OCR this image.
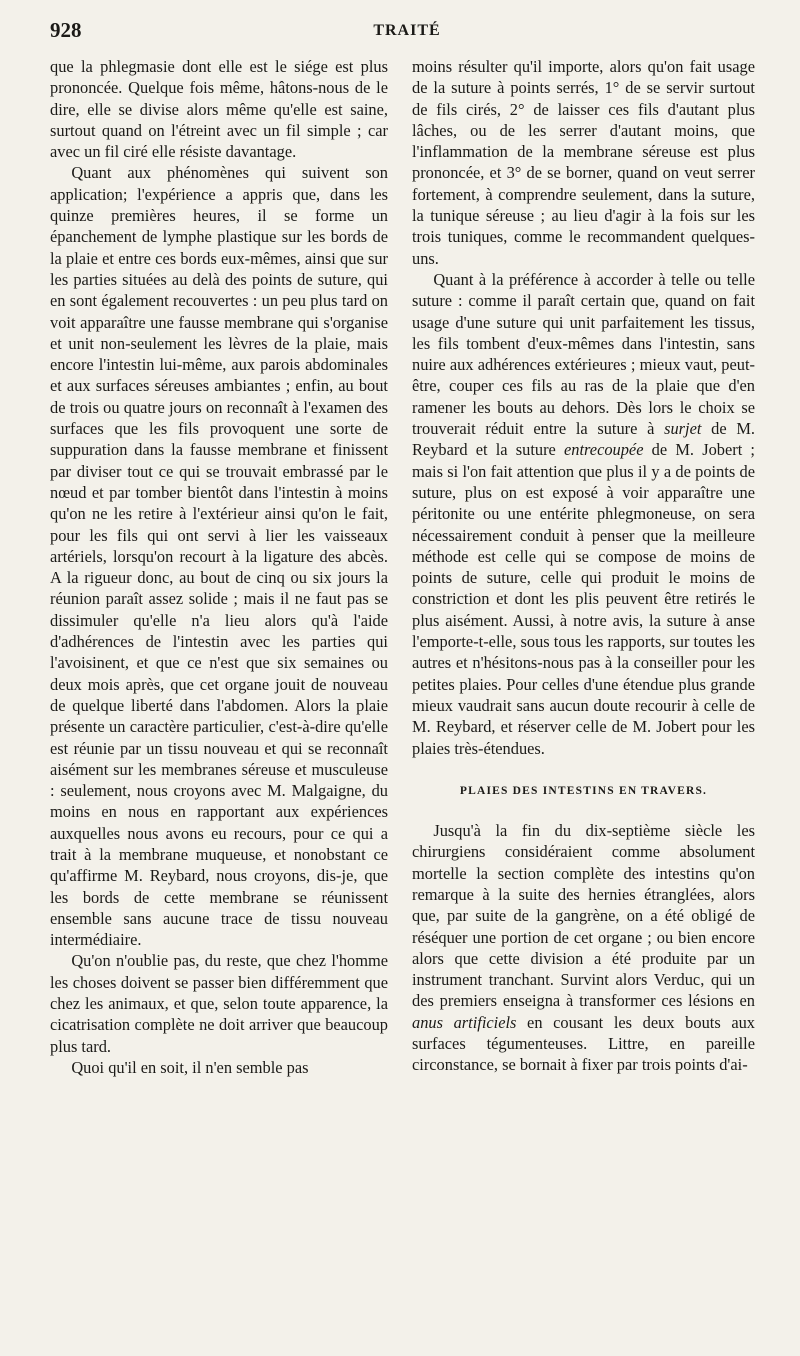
928	TRAITÉ

que la phlegmasie dont elle est le siége est plus prononcée. Quelque fois même, hâtons-nous de le dire, elle se divise alors même qu'elle est saine, surtout quand on l'étreint avec un fil simple ; car avec un fil ciré elle résiste davantage.

Quant aux phénomènes qui suivent son application; l'expérience a appris que, dans les quinze premières heures, il se forme un épanchement de lymphe plastique sur les bords de la plaie et entre ces bords eux-mêmes, ainsi que sur les parties situées au delà des points de suture, qui en sont également recouvertes : un peu plus tard on voit apparaître une fausse membrane qui s'organise et unit non-seulement les lèvres de la plaie, mais encore l'intestin lui-même, aux parois abdominales et aux surfaces séreuses ambiantes ; enfin, au bout de trois ou quatre jours on reconnaît à l'examen des surfaces que les fils provoquent une sorte de suppuration dans la fausse membrane et finissent par diviser tout ce qui se trouvait embrassé par le nœud et par tomber bientôt dans l'intestin à moins qu'on ne les retire à l'extérieur ainsi qu'on le fait, pour les fils qui ont servi à lier les vaisseaux artériels, lorsqu'on recourt à la ligature des abcès. A la rigueur donc, au bout de cinq ou six jours la réunion paraît assez solide ; mais il ne faut pas se dissimuler qu'elle n'a lieu alors qu'à l'aide d'adhérences de l'intestin avec les parties qui l'avoisinent, et que ce n'est que six semaines ou deux mois après, que cet organe jouit de nouveau de quelque liberté dans l'abdomen. Alors la plaie présente un caractère particulier, c'est-à-dire qu'elle est réunie par un tissu nouveau et qui se reconnaît aisément sur les membranes séreuse et musculeuse : seulement, nous croyons avec M. Malgaigne, du moins en nous en rapportant aux expériences auxquelles nous avons eu recours, pour ce qui a trait à la membrane muqueuse, et nonobstant ce qu'affirme M. Reybard, nous croyons, dis-je, que les bords de cette membrane se réunissent ensemble sans aucune trace de tissu nouveau intermédiaire.

Qu'on n'oublie pas, du reste, que chez l'homme les choses doivent se passer bien différemment que chez les animaux, et que, selon toute apparence, la cicatrisation complète ne doit arriver que beaucoup plus tard.

Quoi qu'il en soit, il n'en semble pas

moins résulter qu'il importe, alors qu'on fait usage de la suture à points serrés, 1° de se servir surtout de fils cirés, 2° de laisser ces fils d'autant plus lâches, ou de les serrer d'autant moins, que l'inflammation de la membrane séreuse est plus prononcée, et 3° de se borner, quand on veut serrer fortement, à comprendre seulement, dans la suture, la tunique séreuse ; au lieu d'agir à la fois sur les trois tuniques, comme le recommandent quelques-uns.

Quant à la préférence à accorder à telle ou telle suture : comme il paraît certain que, quand on fait usage d'une suture qui unit parfaitement les tissus, les fils tombent d'eux-mêmes dans l'intestin, sans nuire aux adhérences extérieures ; mieux vaut, peut-être, couper ces fils au ras de la plaie que d'en ramener les bouts au dehors. Dès lors le choix se trouverait réduit entre la suture à surjet de M. Reybard et la suture entrecoupée de M. Jobert ; mais si l'on fait attention que plus il y a de points de suture, plus on est exposé à voir apparaître une péritonite ou une entérite phlegmoneuse, on sera nécessairement conduit à penser que la meilleure méthode est celle qui se compose de moins de points de suture, celle qui produit le moins de constriction et dont les plis peuvent être retirés le plus aisément. Aussi, à notre avis, la suture à anse l'emporte-t-elle, sous tous les rapports, sur toutes les autres et n'hésitons-nous pas à la conseiller pour les petites plaies. Pour celles d'une étendue plus grande mieux vaudrait sans aucun doute recourir à celle de M. Reybard, et réserver celle de M. Jobert pour les plaies très-étendues.

PLAIES DES INTESTINS EN TRAVERS.

Jusqu'à la fin du dix-septième siècle les chirurgiens considéraient comme absolument mortelle la section complète des intestins qu'on remarque à la suite des hernies étranglées, alors que, par suite de la gangrène, on a été obligé de réséquer une portion de cet organe ; ou bien encore alors que cette division a été produite par un instrument tranchant. Survint alors Verduc, qui un des premiers enseigna à transformer ces lésions en anus artificiels en cousant les deux bouts aux surfaces tégumenteuses. Littre, en pareille circonstance, se bornait à fixer par trois points d'ai-
